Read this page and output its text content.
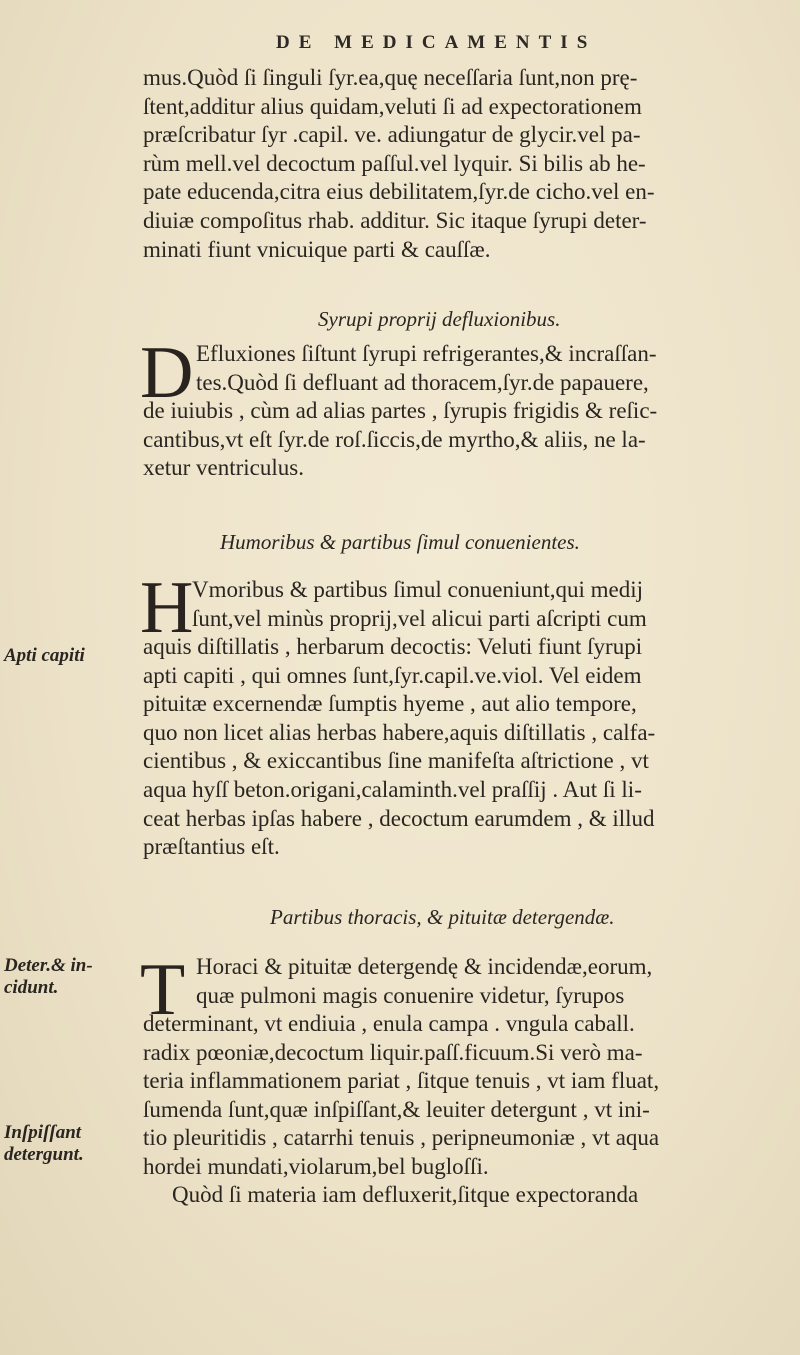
DE MEDICAMENTIS
mus.Quòd ſi ſinguli ſyr.ea,quę neceſſaria ſunt,non prę-
ſtent,additur alius quidam,veluti ſi ad expectorationem
præſcribatur ſyr .capil. ve. adiungatur de glycir.vel pa-
rùm mell.vel decoctum paſſul.vel lyquir. Si bilis ab he-
pate educenda,citra eius debilitatem,ſyr.de cicho.vel en-
diuiæ compoſitus rhab. additur. Sic itaque ſyrupi deter-
minati fiunt vnicuique parti & cauſſæ.
Syrupi proprij defluxionibus.
D Efluxiones ſiſtunt ſyrupi refrigerantes,& incraſſan-
tes.Quòd ſi defluant ad thoracem,ſyr.de papauere,
de iuiubis , cùm ad alias partes , ſyrupis frigidis & reſic-
cantibus,vt eſt ſyr.de roſ.ſiccis,de myrtho,& aliis, ne la-
xetur ventriculus.
Humoribus & partibus ſimul conuenientes.
H
Vmoribus & partibus ſimul conueniunt,qui medij
ſunt,vel minùs proprij,vel alicui parti aſcripti cum
aquis diſtillatis , herbarum decoctis: Veluti fiunt ſyrupi
apti capiti , qui omnes ſunt,ſyr.capil.ve.viol. Vel eidem
pituitæ excernendæ ſumptis hyeme , aut alio tempore,
quo non licet alias herbas habere,aquis diſtillatis , calfa-
cientibus , & exiccantibus ſine manifeſta aſtrictione , vt
aqua hyſſ beton.origani,calaminth.vel praſſij . Aut ſi li-
ceat herbas ipſas habere , decoctum earumdem , & illud
præſtantius eſt.
Apti capiti
Partibus thoracis, & pituitæ detergendæ.
T Horaci & pituitæ detergendę & incidendæ,eorum,
quæ pulmoni magis conuenire videtur, ſyrupos
determinant, vt endiuia , enula campa . vngula caball.
radix pœoniæ,decoctum liquir.paſſ.ficuum.Si verò ma-
teria inflammationem pariat , ſitque tenuis , vt iam fluat,
ſumenda ſunt,quæ inſpiſſant,& leuiter detergunt , vt ini-
tio pleuritidis , catarrhi tenuis , peripneumoniæ , vt aqua
hordei mundati,violarum,bel bugloſſi.
Quòd ſi materia iam defluxerit,ſitque expectoranda
Deter.& in-
cidunt.
Inſpiſſant
detergunt.
